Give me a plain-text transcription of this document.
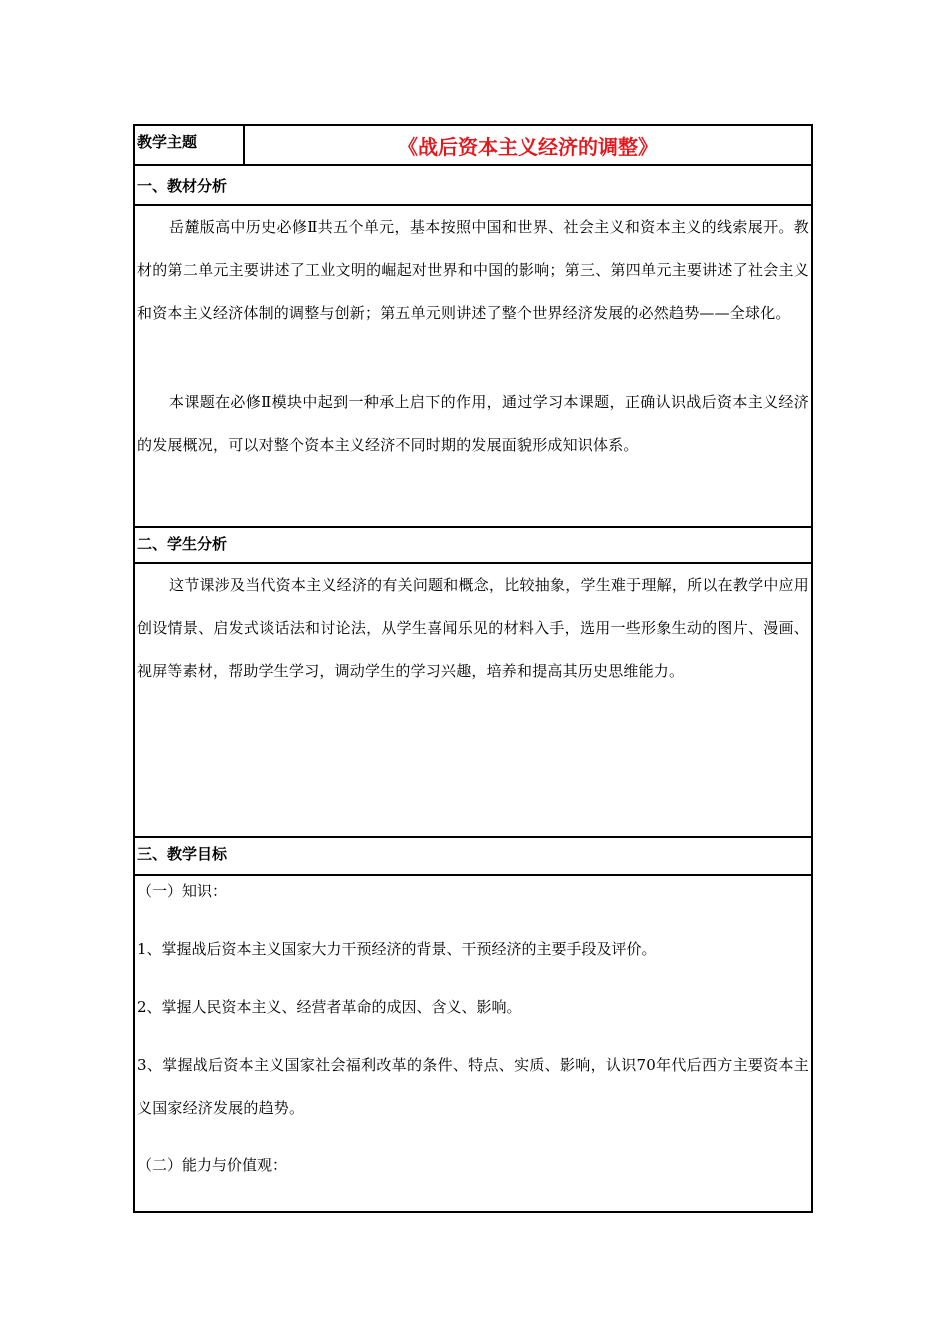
教学主题	《战后资本主义经济的调整》
一、教材分析
岳麓版高中历史必修Ⅱ共五个单元，基本按照中国和世界、社会主义和资本主义的线索展开。教材的第二单元主要讲述了工业文明的崛起对世界和中国的影响；第三、第四单元主要讲述了社会主义和资本主义经济体制的调整与创新；第五单元则讲述了整个世界经济发展的必然趋势——全球化。
本课题在必修Ⅱ模块中起到一种承上启下的作用，通过学习本课题，正确认识战后资本主义经济的发展概况，可以对整个资本主义经济不同时期的发展面貌形成知识体系。
二、学生分析
这节课涉及当代资本主义经济的有关问题和概念，比较抽象，学生难于理解，所以在教学中应用创设情景、启发式谈话法和讨论法，从学生喜闻乐见的材料入手，选用一些形象生动的图片、漫画、视屏等素材，帮助学生学习，调动学生的学习兴趣，培养和提高其历史思维能力。
三、教学目标
（一）知识：
1、掌握战后资本主义国家大力干预经济的背景、干预经济的主要手段及评价。
2、掌握人民资本主义、经营者革命的成因、含义、影响。
3、掌握战后资本主义国家社会福利改革的条件、特点、实质、影响，认识70年代后西方主要资本主义国家经济发展的趋势。
（二）能力与价值观：
